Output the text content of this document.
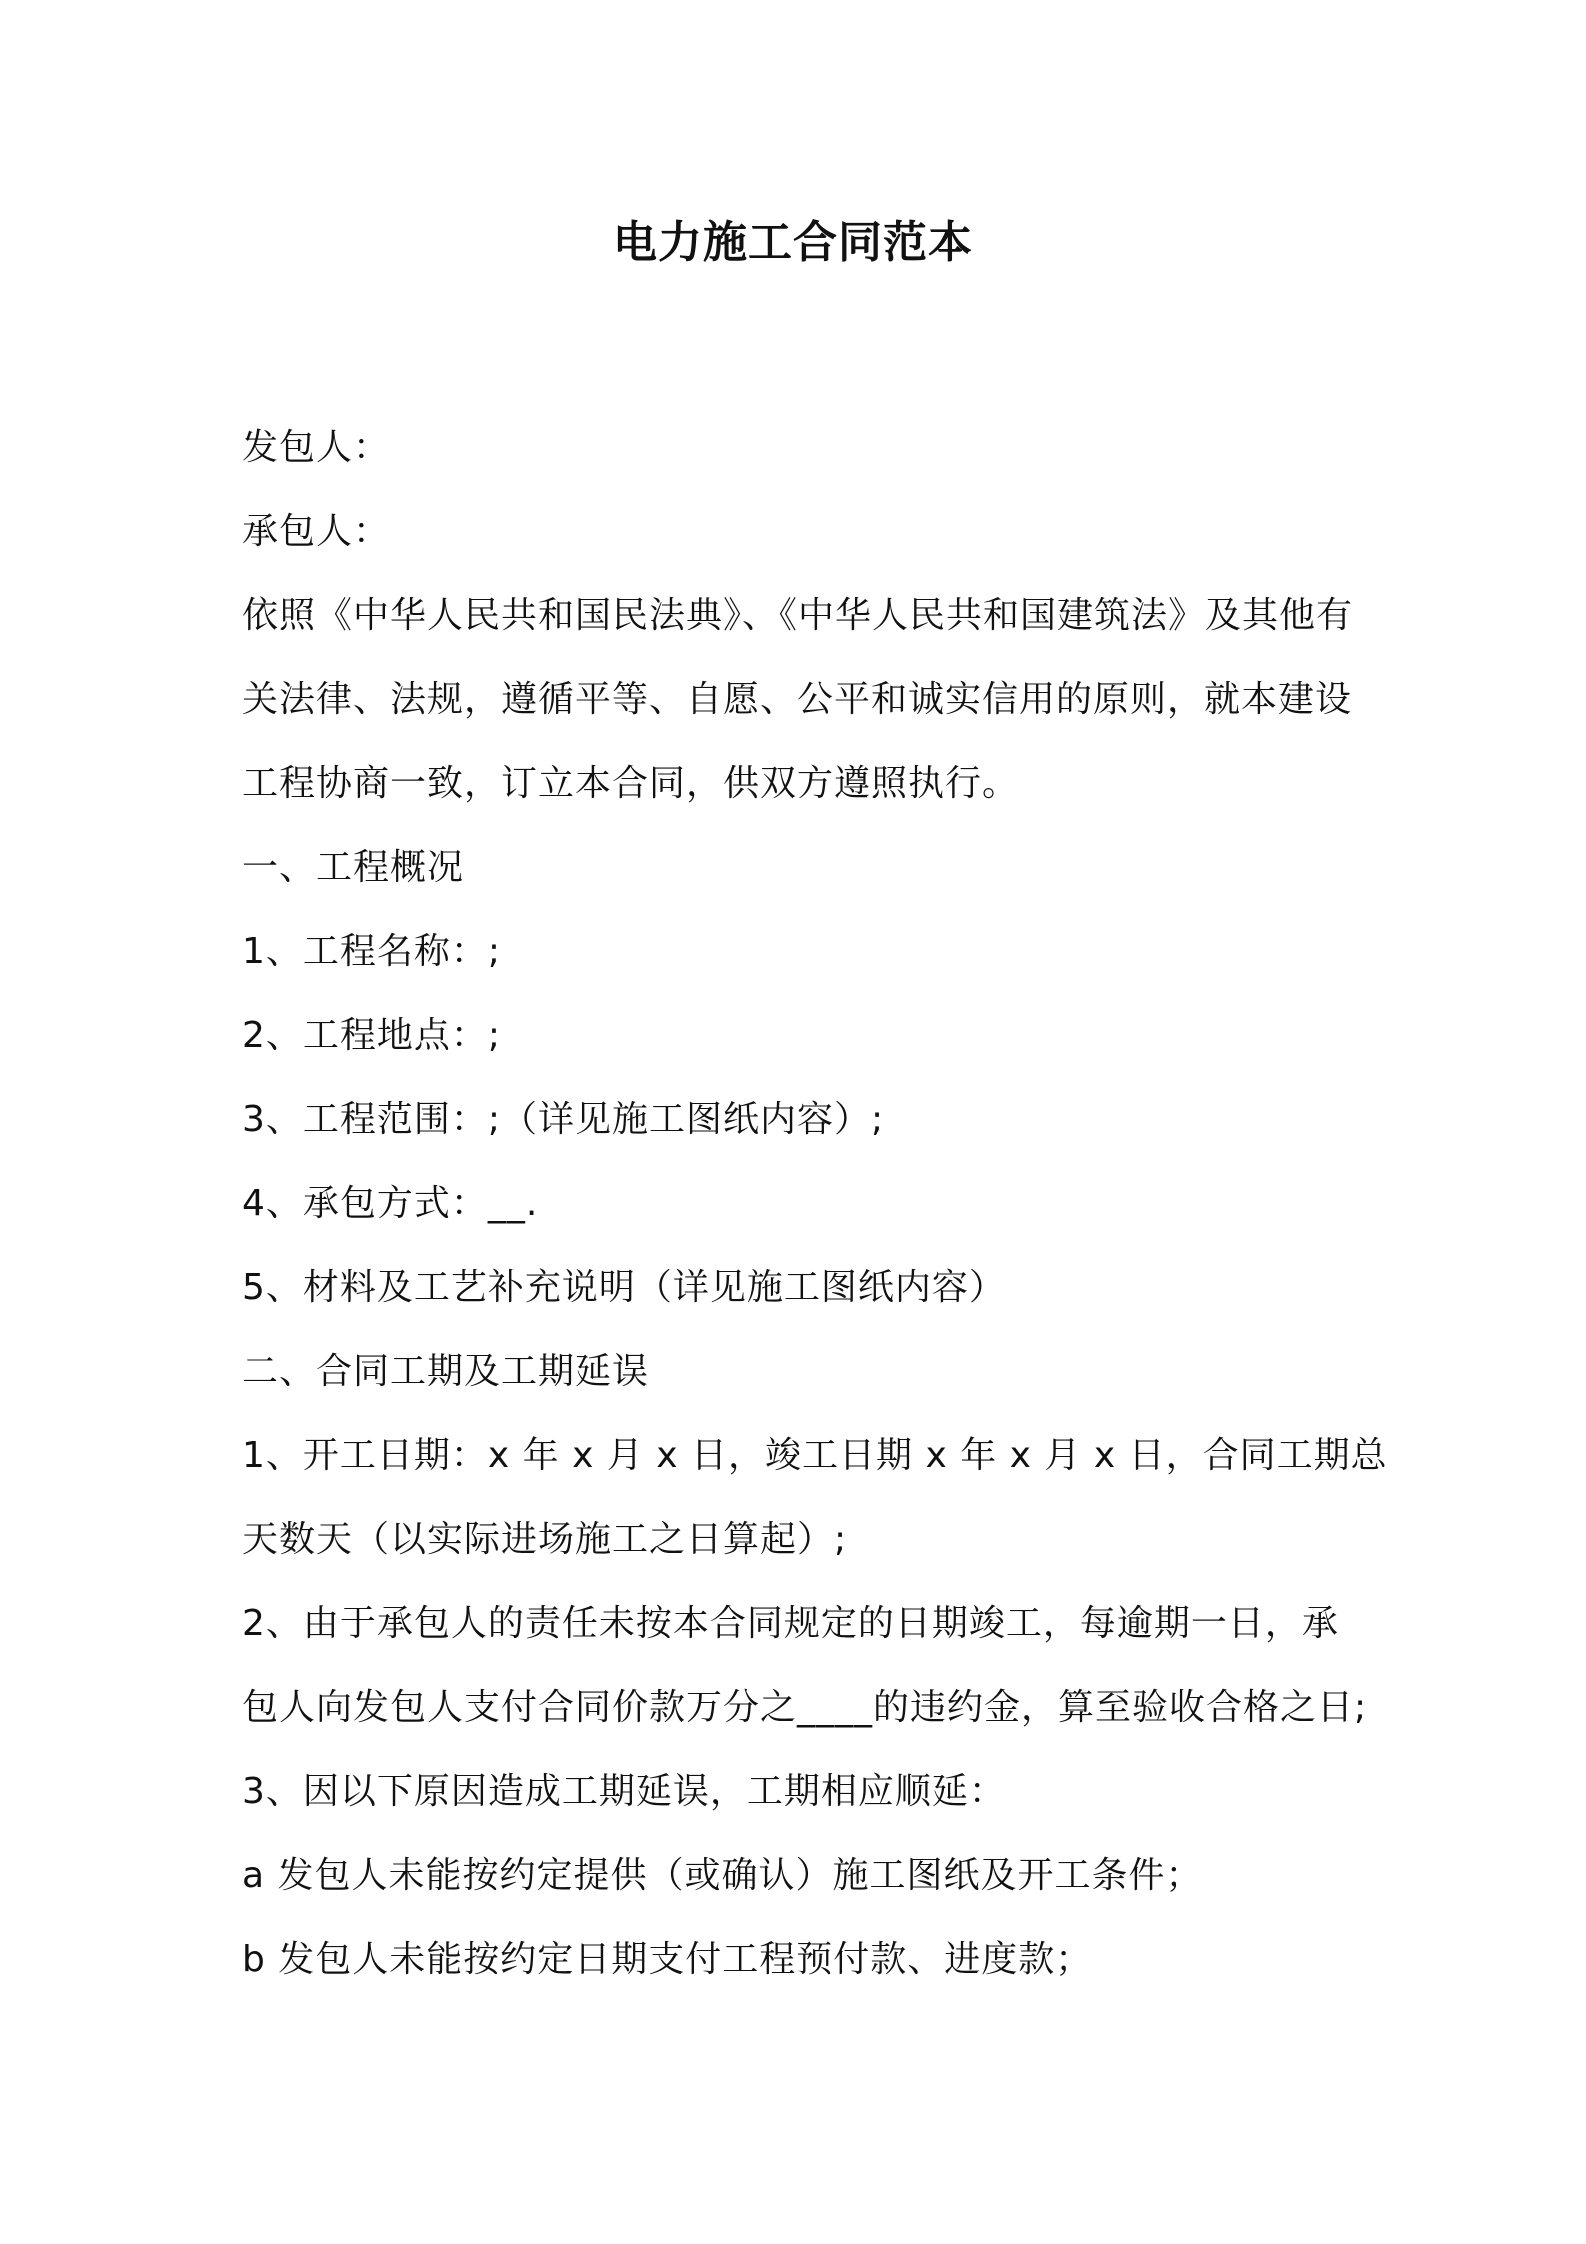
电力施工合同范本
发包人：
承包人：
依照《中华人民共和国民法典》、《中华人民共和国建筑法》及其他有
关法律、法规，遵循平等、自愿、公平和诚实信用的原则，就本建设
工程协商一致，订立本合同，供双方遵照执行。
一、工程概况
1、工程名称：;
2、工程地点：;
3、工程范围：;（详见施工图纸内容）;
4、承包方式：__.
5、材料及工艺补充说明（详见施工图纸内容）
二、合同工期及工期延误
1、开工日期：x 年 x 月 x 日，竣工日期 x 年 x 月 x 日，合同工期总
天数天（以实际进场施工之日算起）;
2、由于承包人的责任未按本合同规定的日期竣工，每逾期一日，承
包人向发包人支付合同价款万分之____的违约金，算至验收合格之日;
3、因以下原因造成工期延误，工期相应顺延：
a 发包人未能按约定提供（或确认）施工图纸及开工条件；
b 发包人未能按约定日期支付工程预付款、进度款；
